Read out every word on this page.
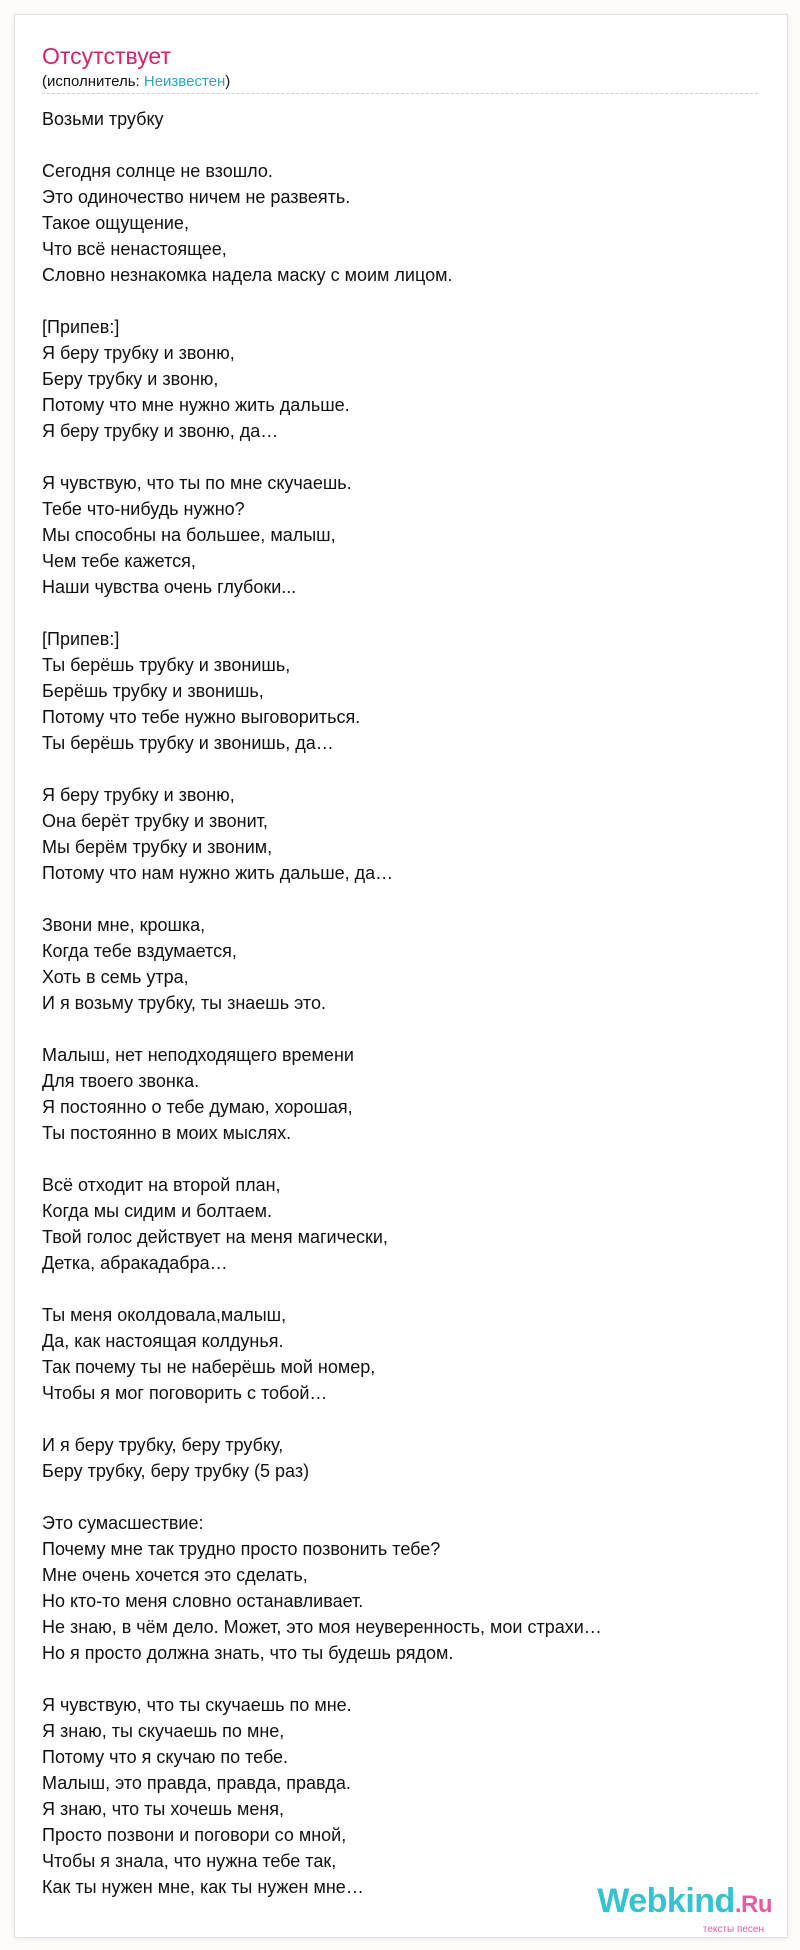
Отсутствует
(исполнитель: Неизвестен)
Возьми трубку
Сегодня солнце не взошло.
Это одиночество ничем не развеять.
Такое ощущение,
Что всё ненастоящее,
Словно незнакомка надела маску с моим лицом.
[Припев:]
Я беру трубку и звоню,
Беру трубку и звоню,
Потому что мне нужно жить дальше.
Я беру трубку и звоню, да…
Я чувствую, что ты по мне скучаешь.
Тебе что-нибудь нужно?
Мы способны на большее, малыш,
Чем тебе кажется,
Наши чувства очень глубоки...
[Припев:]
Ты берёшь трубку и звонишь,
Берёшь трубку и звонишь,
Потому что тебе нужно выговориться.
Ты берёшь трубку и звонишь, да…
Я беру трубку и звоню,
Она берёт трубку и звонит,
Мы берём трубку и звоним,
Потому что нам нужно жить дальше, да…
Звони мне, крошка,
Когда тебе вздумается,
Хоть в семь утра,
И я возьму трубку, ты знаешь это.
Малыш, нет неподходящего времени
Для твоего звонка.
Я постоянно о тебе думаю, хорошая,
Ты постоянно в моих мыслях.
Всё отходит на второй план,
Когда мы сидим и болтаем.
Твой голос действует на меня магически,
Детка, абракадабра…
Ты меня околдовала,малыш,
Да, как настоящая колдунья.
Так почему ты не наберёшь мой номер,
Чтобы я мог поговорить с тобой…
И я беру трубку, беру трубку,
Беру трубку, беру трубку (5 раз)
Это сумасшествие:
Почему мне так трудно просто позвонить тебе?
Мне очень хочется это сделать,
Но кто-то меня словно останавливает.
Не знаю, в чём дело. Может, это моя неуверенность, мои страхи…
Но я просто должна знать, что ты будешь рядом.
Я чувствую, что ты скучаешь по мне.
Я знаю, ты скучаешь по мне,
Потому что я скучаю по тебе.
Малыш, это правда, правда, правда.
Я знаю, что ты хочешь меня,
Просто позвони и поговори со мной,
Чтобы я знала, что нужна тебе так,
Как ты нужен мне, как ты нужен мне…	Webkind.Ru
тексты песен
